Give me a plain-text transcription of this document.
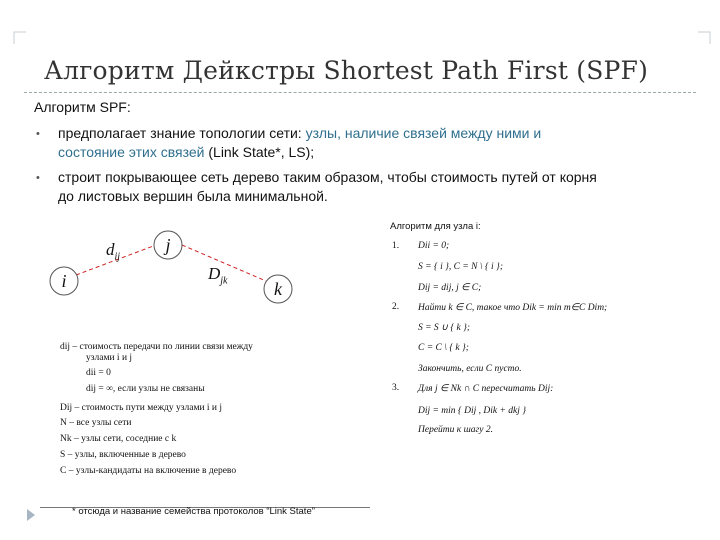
Алгоритм Дейкстры Shortest Path First (SPF)
Алгоритм SPF:
• предполагает знание топологии сети: узлы, наличие связей между ними и
состояние этих связей (Link State*, LS);
• строит покрывающее сеть дерево таким образом, чтобы стоимость путей от корня
до листовых вершин была минимальной.
i
j
k
$d_{ij}$
$D_{jk}$
dij – стоимость передачи по линии связи между
узлами i и j
dii = 0
dij = ∞, если узлы не связаны
Dij – стоимость пути между узлами i и j
N – все узлы сети
Nk – узлы сети, соседние с k
S – узлы, включенные в дерево
C – узлы-кандидаты на включение в дерево
Алгоритм для узла i:
1.
2.
3.
Dii = 0;
S = { i }, C = N \ { i };
Dij = dij, j ∈ C;
Найти k ∈ C, такое что Dik = min m∈C Dim;
S = S ∪ { k };
C = C \ { k };
Закончить, если C пусто.
Для j ∈ Nk ∩ C пересчитать Dij:
Dij = min { Dij , Dik + dkj }
Перейти к шагу 2.
* отсюда и название семейства протоколов “Link State”
